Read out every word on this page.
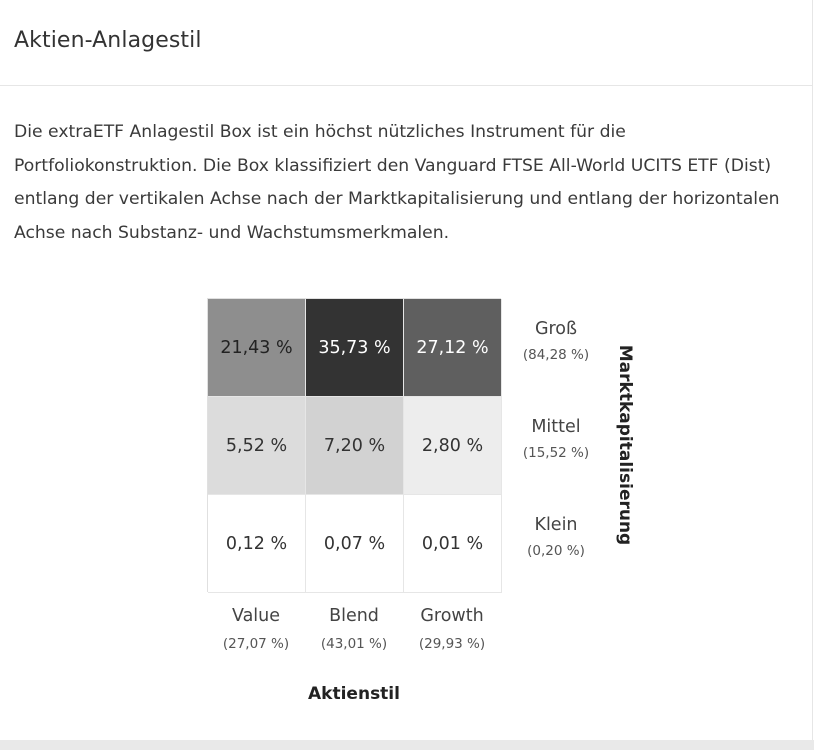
Aktien-Anlagestil

Die extraETF Anlagestil Box ist ein höchst nützliches Instrument für die Portfoliokonstruktion. Die Box klassifiziert den Vanguard FTSE All-World UCITS ETF (Dist) entlang der vertikalen Achse nach der Marktkapitalisierung und entlang der horizontalen Achse nach Substanz- und Wachstumsmerkmalen.

21,43 %	35,73 %	27,12 %
5,52 %	7,20 %	2,80 %
0,12 %	0,07 %	0,01 %
Groß
(84,28 %)
Mittel
(15,52 %)
Klein
(0,20 %)
Value
(27,07 %)
Blend
(43,01 %)
Growth
(29,93 %)
Aktienstil
Marktkapitalisierung
